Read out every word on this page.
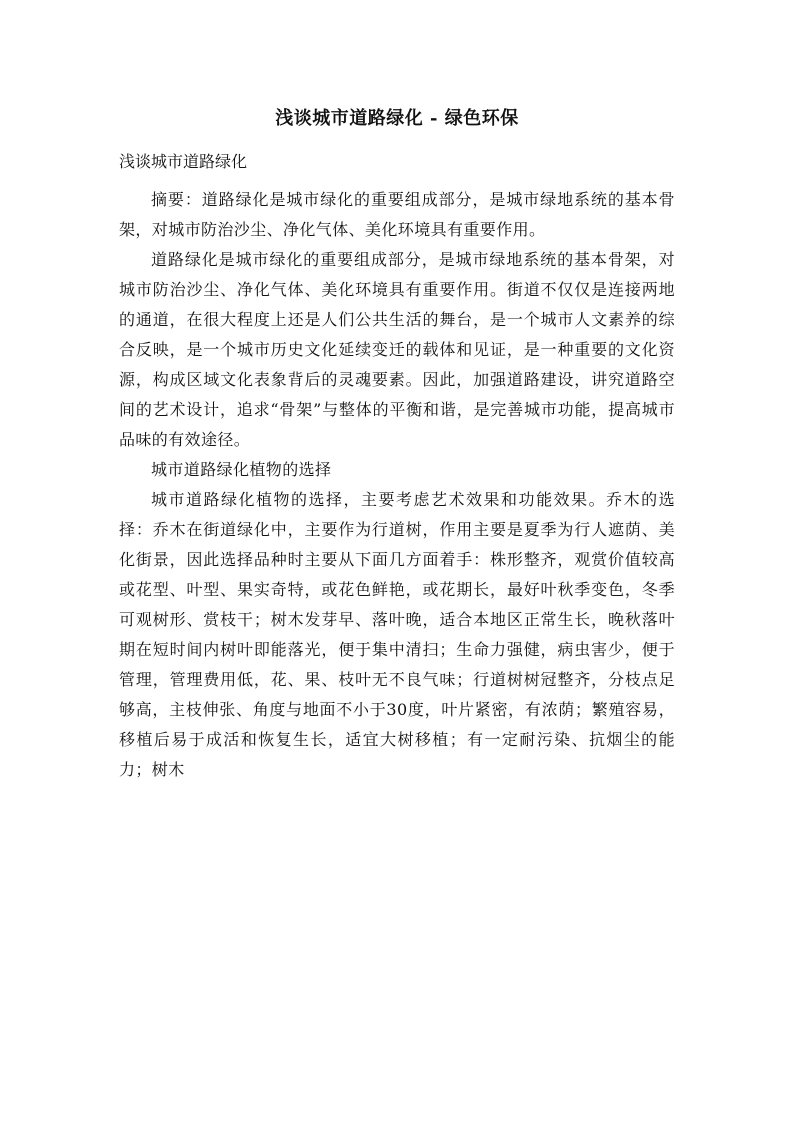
浅谈城市道路绿化 - 绿色环保
浅谈城市道路绿化

摘要：道路绿化是城市绿化的重要组成部分，是城市绿地系统的基本骨架，对城市防治沙尘、净化气体、美化环境具有重要作用。

道路绿化是城市绿化的重要组成部分，是城市绿地系统的基本骨架，对城市防治沙尘、净化气体、美化环境具有重要作用。街道不仅仅是连接两地的通道，在很大程度上还是人们公共生活的舞台，是一个城市人文素养的综合反映，是一个城市历史文化延续变迁的载体和见证，是一种重要的文化资源，构成区域文化表象背后的灵魂要素。因此，加强道路建设，讲究道路空间的艺术设计，追求“骨架”与整体的平衡和谐，是完善城市功能，提高城市品味的有效途径。

城市道路绿化植物的选择

城市道路绿化植物的选择，主要考虑艺术效果和功能效果。乔木的选择：乔木在街道绿化中，主要作为行道树，作用主要是夏季为行人遮荫、美化街景，因此选择品种时主要从下面几方面着手：株形整齐，观赏价值较高或花型、叶型、果实奇特，或花色鲜艳，或花期长，最好叶秋季变色，冬季可观树形、赏枝干；树木发芽早、落叶晚，适合本地区正常生长，晚秋落叶期在短时间内树叶即能落光，便于集中清扫；生命力强健，病虫害少，便于管理，管理费用低，花、果、枝叶无不良气味；行道树树冠整齐，分枝点足够高，主枝伸张、角度与地面不小于30度，叶片紧密，有浓荫；繁殖容易，移植后易于成活和恢复生长，适宜大树移植；有一定耐污染、抗烟尘的能力；树木
